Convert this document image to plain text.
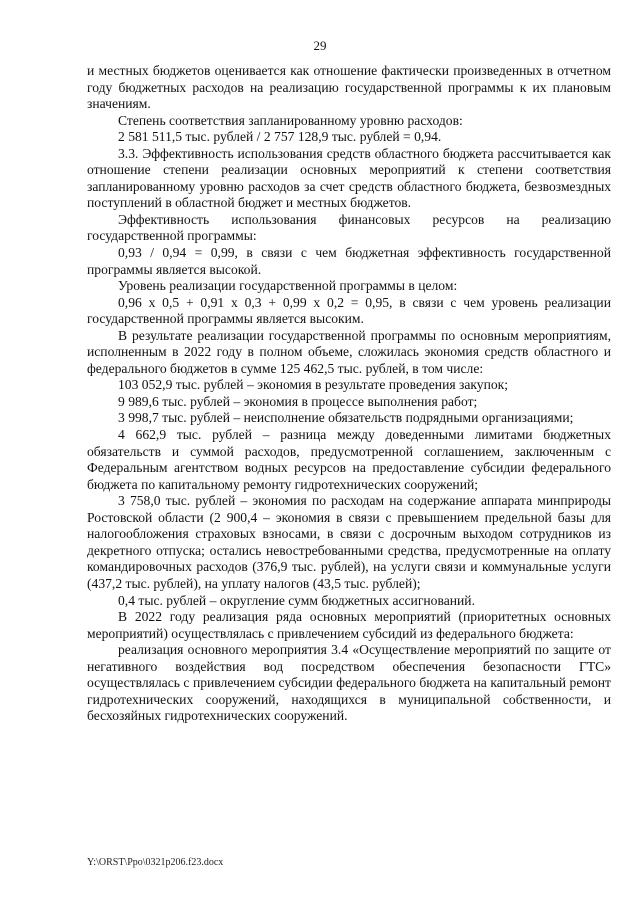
29

и местных бюджетов оценивается как отношение фактически произведенных в отчетном году бюджетных расходов на реализацию государственной программы к их плановым значениям.

Степень соответствия запланированному уровню расходов:

2 581 511,5 тыс. рублей / 2 757 128,9 тыс. рублей = 0,94.

3.3. Эффективность использования средств областного бюджета рассчитывается как отношение степени реализации основных мероприятий к степени соответствия запланированному уровню расходов за счет средств областного бюджета, безвозмездных поступлений в областной бюджет и местных бюджетов.

Эффективность использования финансовых ресурсов на реализацию государственной программы:

0,93 / 0,94 = 0,99, в связи с чем бюджетная эффективность государственной программы является высокой.

Уровень реализации государственной программы в целом:

0,96 х 0,5 + 0,91 х 0,3 + 0,99 х 0,2 = 0,95, в связи с чем уровень реализации государственной программы является высоким.

В результате реализации государственной программы по основным мероприятиям, исполненным в 2022 году в полном объеме, сложилась экономия средств областного и федерального бюджетов в сумме 125 462,5 тыс. рублей, в том числе:

103 052,9 тыс. рублей – экономия в результате проведения закупок;

9 989,6 тыс. рублей – экономия в процессе выполнения работ;

3 998,7 тыс. рублей – неисполнение обязательств подрядными организациями;

4 662,9 тыс. рублей – разница между доведенными лимитами бюджетных обязательств и суммой расходов, предусмотренной соглашением, заключенным с Федеральным агентством водных ресурсов на предоставление субсидии федерального бюджета по капитальному ремонту гидротехнических сооружений;

3 758,0 тыс. рублей – экономия по расходам на содержание аппарата минприроды Ростовской области (2 900,4 – экономия в связи с превышением предельной базы для налогообложения страховых взносами, в связи с досрочным выходом сотрудников из декретного отпуска; остались невостребованными средства, предусмотренные на оплату командировочных расходов (376,9 тыс. рублей), на услуги связи и коммунальные услуги (437,2 тыс. рублей), на уплату налогов (43,5 тыс. рублей);

0,4 тыс. рублей – округление сумм бюджетных ассигнований.

В 2022 году реализация ряда основных мероприятий (приоритетных основных мероприятий) осуществлялась с привлечением субсидий из федерального бюджета:

реализация основного мероприятия 3.4 «Осуществление мероприятий по защите от негативного воздействия вод посредством обеспечения безопасности ГТС» осуществлялась с привлечением субсидии федерального бюджета на капитальный ремонт гидротехнических сооружений, находящихся в муниципальной собственности, и бесхозяйных гидротехнических сооружений.

Y:\ORST\Ppo\0321p206.f23.docx
